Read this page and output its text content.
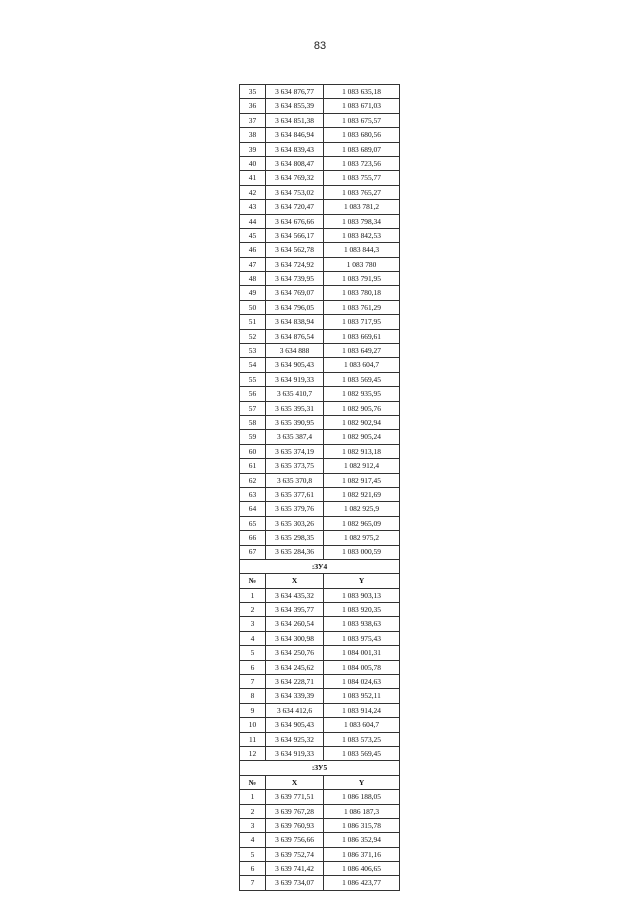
83
35	3 634 876,77	1 083 635,18
36	3 634 855,39	1 083 671,03
37	3 634 851,38	1 083 675,57
38	3 634 846,94	1 083 680,56
39	3 634 839,43	1 083 689,07
40	3 634 808,47	1 083 723,56
41	3 634 769,32	1 083 755,77
42	3 634 753,02	1 083 765,27
43	3 634 720,47	1 083 781,2
44	3 634 676,66	1 083 798,34
45	3 634 566,17	1 083 842,53
46	3 634 562,78	1 083 844,3
47	3 634 724,92	1 083 780
48	3 634 739,95	1 083 791,95
49	3 634 769,07	1 083 780,18
50	3 634 796,05	1 083 761,29
51	3 634 838,94	1 083 717,95
52	3 634 876,54	1 083 669,61
53	3 634 888	1 083 649,27
54	3 634 905,43	1 083 604,7
55	3 634 919,33	1 083 569,45
56	3 635 410,7	1 082 935,95
57	3 635 395,31	1 082 905,76
58	3 635 390,95	1 082 902,94
59	3 635 387,4	1 082 905,24
60	3 635 374,19	1 082 913,18
61	3 635 373,75	1 082 912,4
62	3 635 370,8	1 082 917,45
63	3 635 377,61	1 082 921,69
64	3 635 379,76	1 082 925,9
65	3 635 303,26	1 082 965,09
66	3 635 298,35	1 082 975,2
67	3 635 284,36	1 083 000,59
:ЗУ4		
№	X	Y
1	3 634 435,32	1 083 903,13
2	3 634 395,77	1 083 920,35
3	3 634 260,54	1 083 938,63
4	3 634 300,98	1 083 975,43
5	3 634 250,76	1 084 001,31
6	3 634 245,62	1 084 005,78
7	3 634 228,71	1 084 024,63
8	3 634 339,39	1 083 952,11
9	3 634 412,6	1 083 914,24
10	3 634 905,43	1 083 604,7
11	3 634 925,32	1 083 573,25
12	3 634 919,33	1 083 569,45
:ЗУ5		
№	X	Y
1	3 639 771,51	1 086 188,05
2	3 639 767,28	1 086 187,3
3	3 639 760,93	1 086 315,78
4	3 639 756,66	1 086 352,94
5	3 639 752,74	1 086 371,16
6	3 639 741,42	1 086 406,65
7	3 639 734,07	1 086 423,77
